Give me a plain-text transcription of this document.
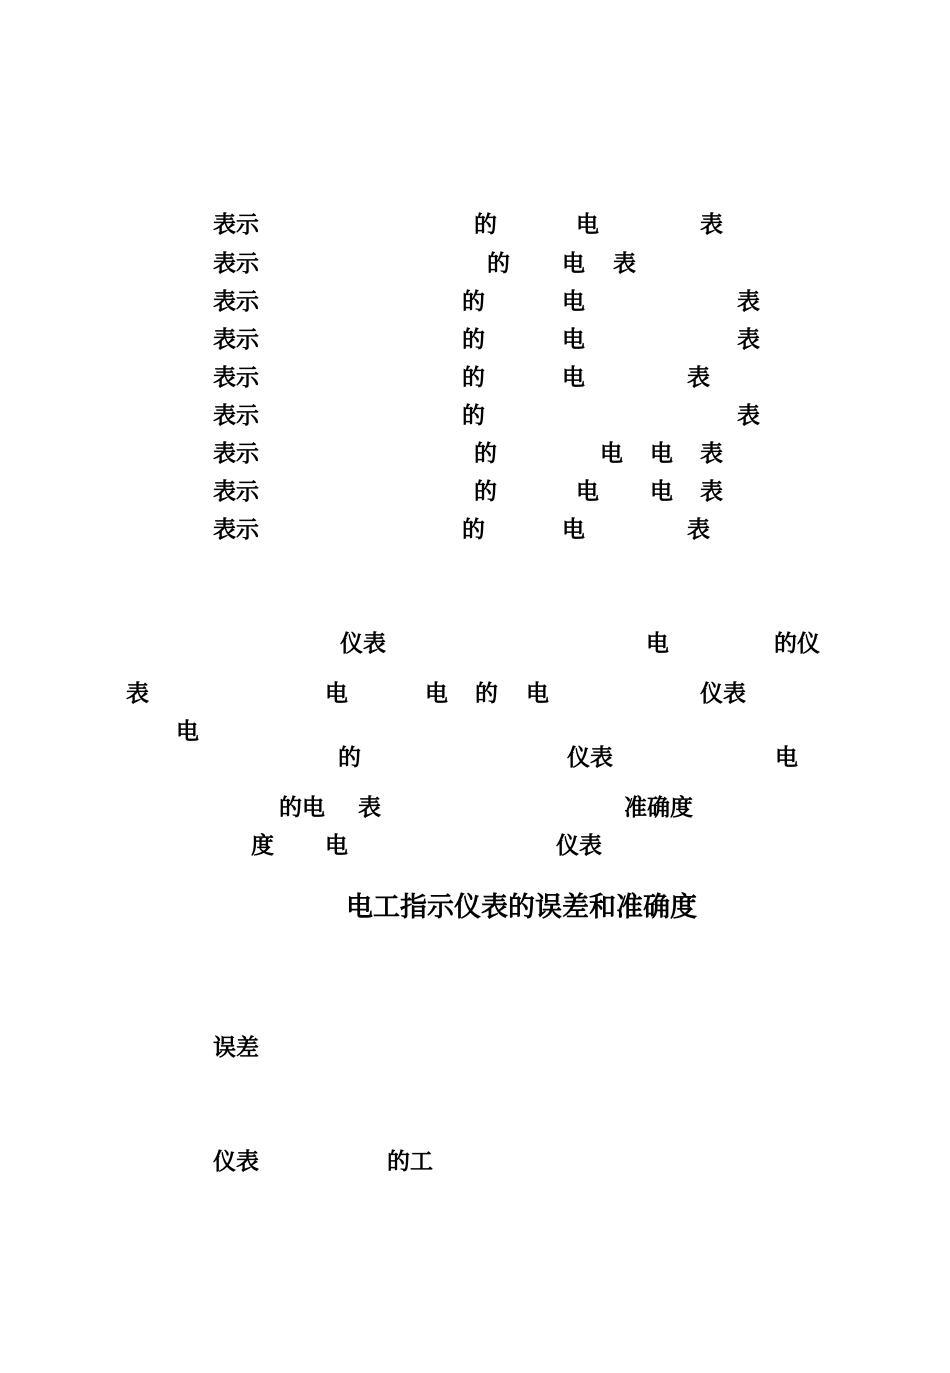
表示	的	电	表
表示	的 电 表
表示	的	电	表
表示	的	电	表
表示	的	电	表
表示	的	表
表示	的	电 电 表
表示	的	电 电 表
表示	的	电	表
仪表	电	的仪
表	电	电 的 电	仪表
电
的	仪表	电
的电 表	准确度
度 电	仪表
电工指示仪表的误差和准确度
误差
仪表	的工
